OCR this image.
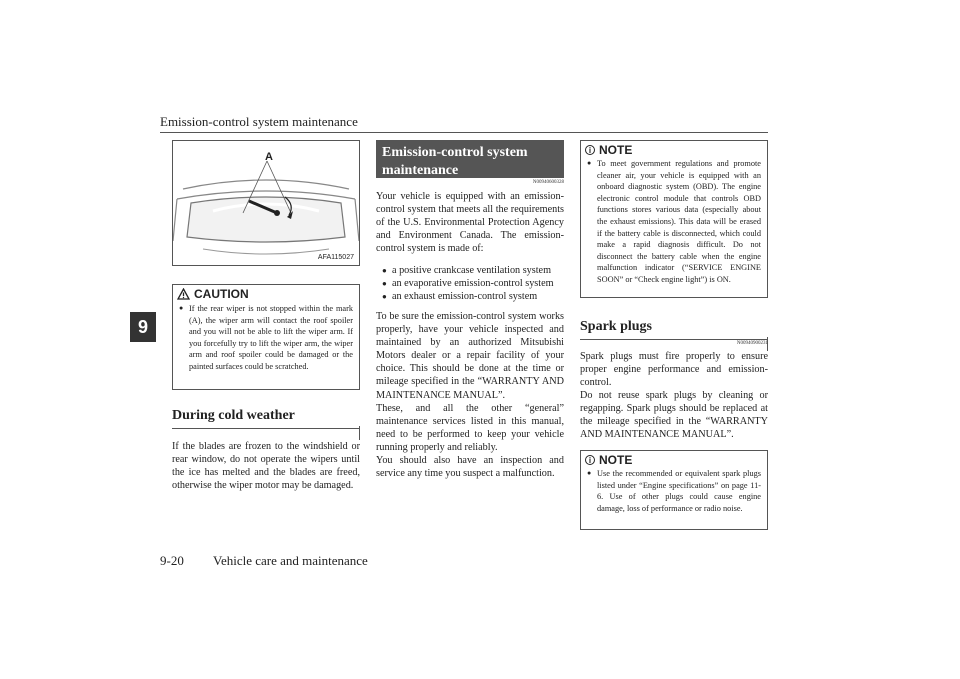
Emission-control system maintenance
9
A
AFA115027
CAUTION
● If the rear wiper is not stopped within the mark (A), the wiper arm will contact the roof spoiler and you will not be able to lift the wiper arm. If you forcefully try to lift the wiper arm, the wiper arm and roof spoiler could be damaged or the painted surfaces could be scratched.
During cold weather
If the blades are frozen to the windshield or rear window, do not operate the wipers until the ice has melted and the blades are freed, otherwise the wiper motor may be damaged.
Emission-control system
maintenance
N00940600328
Your vehicle is equipped with an emission-control system that meets all the requirements of the U.S. Environmental Protection Agency and Environment Canada. The emission-control system is made of:
● a positive crankcase ventilation system
● an evaporative emission-control system
● an exhaust emission-control system
To be sure the emission-control system works properly, have your vehicle inspected and maintained by an authorized Mitsubishi Motors dealer or a repair facility of your choice. This should be done at the time or mileage specified in the “WARRANTY AND MAINTENANCE MANUAL”.
These, and all the other “general” maintenance services listed in this manual, need to be performed to keep your vehicle running properly and reliably.
You should also have an inspection and service any time you suspect a malfunction.
i NOTE
● To meet government regulations and promote cleaner air, your vehicle is equipped with an onboard diagnostic system (OBD). The engine electronic control module that controls OBD functions stores various data (especially about the exhaust emissions). This data will be erased if the battery cable is disconnected, which could make a rapid diagnosis difficult. Do not disconnect the battery cable when the engine malfunction indicator (“SERVICE ENGINE SOON” or “Check engine light”) is ON.
Spark plugs
N00940900231
Spark plugs must fire properly to ensure proper engine performance and emission-control.
Do not reuse spark plugs by cleaning or regapping. Spark plugs should be replaced at the mileage specified in the “WARRANTY AND MAINTENANCE MANUAL”.
i NOTE
● Use the recommended or equivalent spark plugs listed under “Engine specifications” on page 11-6. Use of other plugs could cause engine damage, loss of performance or radio noise.
9-20 Vehicle care and maintenance
